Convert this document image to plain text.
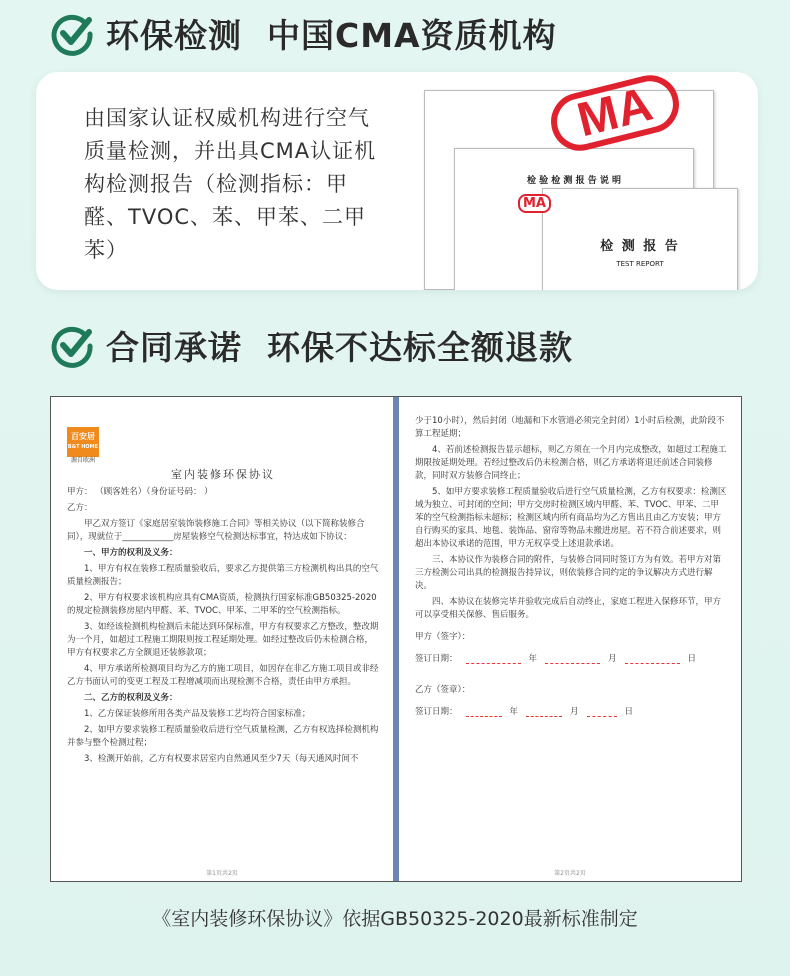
环保检测  中国CMA资质机构
由国家认证权威机构进行空气质量检测，并出具CMA认证机构检测报告（检测指标：甲醛、TVOC、苯、甲苯、二甲苯）
检 验 检 测 报 告 说 明
检 测 报 告
TEST REPORT
MA
MA
合同承诺  环保不达标全额退款
百安居
B&T HOME
源自欧洲
室内装修环保协议

甲方： （顾客姓名）（身份证号码： ）

乙方：

甲乙双方签订《家庭居室装饰装修施工合同》等相关协议（以下简称装修合同），现就位于____________房屋装修空气检测达标事宜，特达成如下协议：

一、甲方的权利及义务：

1、甲方有权在装修工程质量验收后，要求乙方提供第三方检测机构出具的空气质量检测报告；

2、甲方有权要求该机构应具有CMA资质，检测执行国家标准GB50325-2020的规定检测装修房屋内甲醛、苯、TVOC、甲苯、二甲苯的空气检测指标。

3、如经该检测机构检测后未能达到环保标准，甲方有权要求乙方整改，整改期为一个月，如超过工程施工期限则按工程延期处理。如经过整改后仍未检测合格，甲方有权要求乙方全额退还装修款项；

4、甲方承诺所检测项目均为乙方的施工项目，如因存在非乙方施工项目或非经乙方书面认可的变更工程及工程增减项而出现检测不合格，责任由甲方承担。

二、乙方的权利及义务：

1、乙方保证装修所用各类产品及装修工艺均符合国家标准；

2、如甲方要求装修工程质量验收后进行空气质量检测，乙方有权选择检测机构并参与整个检测过程；

3、检测开始前，乙方有权要求居室内自然通风至少7天（每天通风时间不

第1页共2页

少于10小时），然后封闭（地漏和下水管道必须完全封闭）1小时后检测，此阶段不算工程延期；

4、若前述检测报告显示超标，则乙方须在一个月内完成整改，如超过工程施工期限按延期处理。若经过整改后仍未检测合格，则乙方承诺将退还前述合同装修款，同时双方装修合同终止；

5、如甲方要求装修工程质量验收后进行空气质量检测，乙方有权要求：检测区域为独立、可封闭的空间；甲方交房时检测区域内甲醛、苯、TVOC、甲苯、二甲苯的空气检测指标未超标；检测区域内所有商品均为乙方售出且由乙方安装；甲方自行购买的家具、地毯、装饰品、窗帘等物品未搬进房屋。若不符合前述要求，则超出本协议承诺的范围，甲方无权享受上述退款承诺。

三、本协议作为装修合同的附件，与装修合同同时签订方为有效。若甲方对第三方检测公司出具的检测报告持异议，则依装修合同约定的争议解决方式进行解决。

四、本协议在装修完毕并验收完成后自动终止，家庭工程进入保修环节，甲方可以享受相关保修、售后服务。

甲方（签字）：
签订日期：	年	月	日
乙方（签章）：
签订日期：	年	月	日
第2页共2页
《室内装修环保协议》依据GB50325-2020最新标准制定
